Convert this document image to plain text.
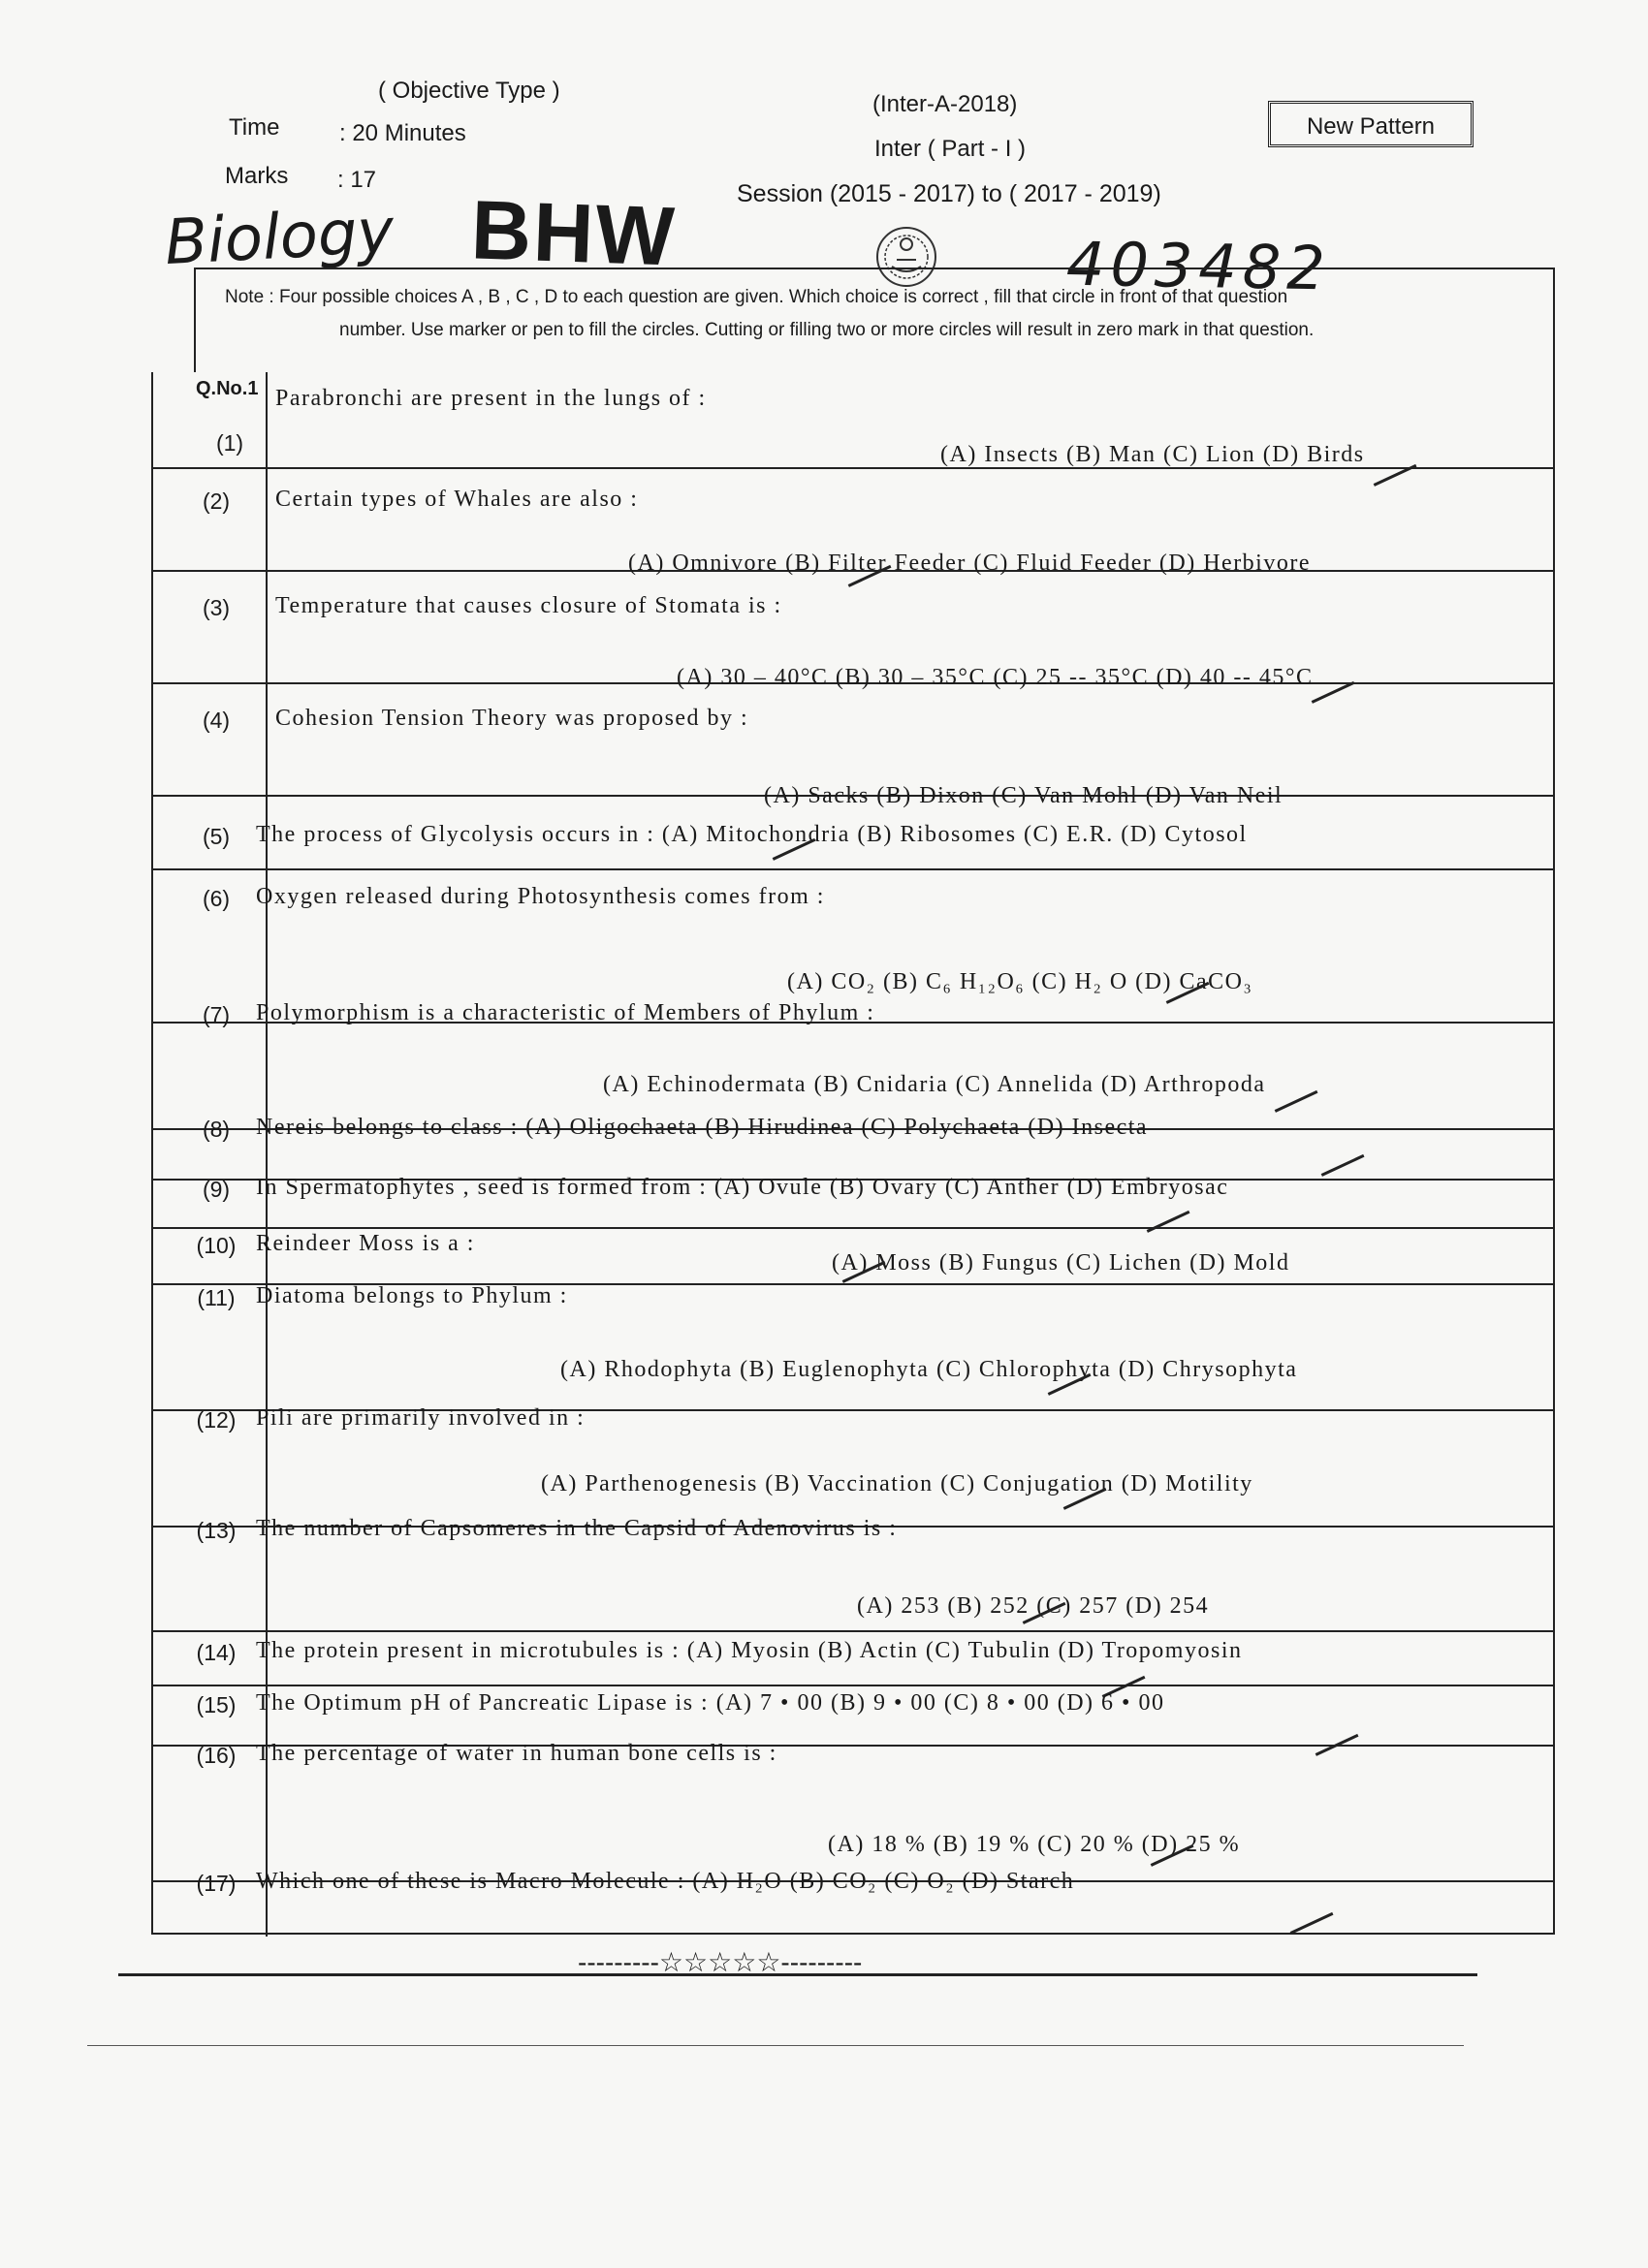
( Objective Type )
Time	: 20 Minutes
Marks : 17
(Inter-A-2018)
Inter ( Part - I )
Session (2015 - 2017) to ( 2017 - 2019)
New Pattern
Biology BHW	403482
Note : Four possible choices A , B , C , D to each question are given. Which choice is correct , fill that circle in front of that question
number. Use marker or pen to fill the circles. Cutting or filling two or more circles will result in zero mark in that question.
Q.No.1
---------☆☆☆☆☆---------
(1)
Parabronchi are present in the lungs of :
(A) Insects (B) Man (C) Lion (D) Birds
(2)	Certain types of Whales are also :
(A) Omnivore (B) Filter Feeder (C) Fluid Feeder (D) Herbivore
(3)	Temperature that causes closure of Stomata is :
(A) 30 – 40°C (B) 30 – 35°C (C) 25 -- 35°C (D) 40 -- 45°C
(4)	Cohesion Tension Theory was proposed by :
(A) Sacks (B) Dixon (C) Van Mohl (D) Van Neil
(5)	The process of Glycolysis occurs in : (A) Mitochondria (B) Ribosomes (C) E.R. (D) Cytosol
(6)	Oxygen released during Photosynthesis comes from :
(A) CO₂ (B) C₆ H₁₂O₆ (C) H₂ O (D) CaCO₃
(7)	Polymorphism is a characteristic of Members of Phylum :
(A) Echinodermata (B) Cnidaria (C) Annelida (D) Arthropoda
(8)	Nereis belongs to class : (A) Oligochaeta (B) Hirudinea (C) Polychaeta (D) Insecta
(9)	In Spermatophytes , seed is formed from : (A) Ovule (B) Ovary (C) Anther (D) Embryosac
(10) Reindeer Moss is a :
(A) Moss (B) Fungus (C) Lichen (D) Mold
(11) Diatoma belongs to Phylum :
(A) Rhodophyta (B) Euglenophyta (C) Chlorophyta (D) Chrysophyta
(12) Pili are primarily involved in :
(A) Parthenogenesis (B) Vaccination (C) Conjugation (D) Motility
(13) The number of Capsomeres in the Capsid of Adenovirus is :
(A) 253 (B) 252 (C) 257 (D) 254
(14) The protein present in microtubules is : (A) Myosin (B) Actin (C) Tubulin (D) Tropomyosin
(15) The Optimum pH of Pancreatic Lipase is : (A) 7 • 00 (B) 9 • 00 (C) 8 • 00 (D) 6 • 00
(16) The percentage of water in human bone cells is :
(A) 18 % (B) 19 % (C) 20 % (D) 25 %
(17) Which one of these is Macro Molecule : (A) H₂O (B) CO₂ (C) O₂ (D) Starch
